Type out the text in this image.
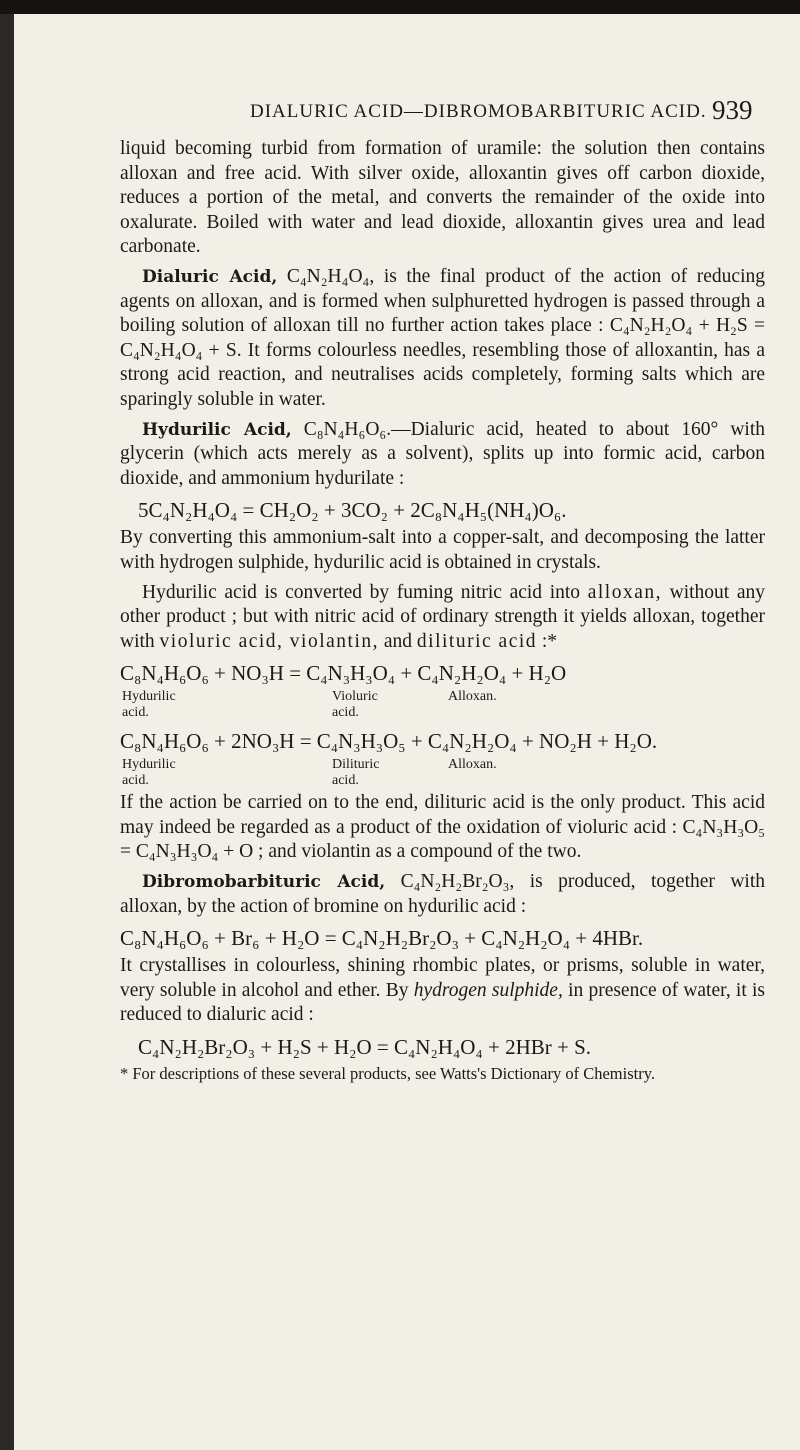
DIALURIC ACID—DIBROMOBARBITURIC ACID. 939

liquid becoming turbid from formation of uramile: the solution then contains alloxan and free acid. With silver oxide, alloxantin gives off carbon dioxide, reduces a portion of the metal, and converts the remainder of the oxide into oxalurate. Boiled with water and lead dioxide, alloxantin gives urea and lead carbonate.

Dialuric Acid, C₄N₂H₄O₄, is the final product of the action of reducing agents on alloxan, and is formed when sulphuretted hydrogen is passed through a boiling solution of alloxan till no further action takes place : C₄N₂H₂O₄ + H₂S = C₄N₂H₄O₄ + S. It forms colourless needles, resembling those of alloxantin, has a strong acid reaction, and neutralises acids completely, forming salts which are sparingly soluble in water.

Hydurilic Acid, C₈N₄H₆O₆.—Dialuric acid, heated to about 160° with glycerin (which acts merely as a solvent), splits up into formic acid, carbon dioxide, and ammonium hydurilate :

5C₄N₂H₄O₄ = CH₂O₂ + 3CO₂ + 2C₈N₄H₅(NH₄)O₆.

By converting this ammonium-salt into a copper-salt, and decomposing the latter with hydrogen sulphide, hydurilic acid is obtained in crystals.

Hydurilic acid is converted by fuming nitric acid into alloxan, without any other product ; but with nitric acid of ordinary strength it yields alloxan, together with violuric acid, violantin, and dilituric acid :*

C₈N₄H₆O₆ + NO₃H = C₄N₃H₃O₄ + C₄N₂H₂O₄ + H₂O
Hydurilic
acid.
Violuric
acid.
Alloxan.
C₈N₄H₆O₆ + 2NO₃H = C₄N₃H₃O₅ + C₄N₂H₂O₄ + NO₂H + H₂O.
Hydurilic
acid.
Dilituric
acid.
Alloxan.

If the action be carried on to the end, dilituric acid is the only product. This acid may indeed be regarded as a product of the oxidation of violuric acid : C₄N₃H₃O₅ = C₄N₃H₃O₄ + O ; and violantin as a compound of the two.

Dibromobarbituric Acid, C₄N₂H₂Br₂O₃, is produced, together with alloxan, by the action of bromine on hydurilic acid :

C₈N₄H₆O₆ + Br₆ + H₂O = C₄N₂H₂Br₂O₃ + C₄N₂H₂O₄ + 4HBr.

It crystallises in colourless, shining rhombic plates, or prisms, soluble in water, very soluble in alcohol and ether. By hydrogen sulphide, in presence of water, it is reduced to dialuric acid :

C₄N₂H₂Br₂O₃ + H₂S + H₂O = C₄N₂H₄O₄ + 2HBr + S.

* For descriptions of these several products, see Watts's Dictionary of Chemistry.
